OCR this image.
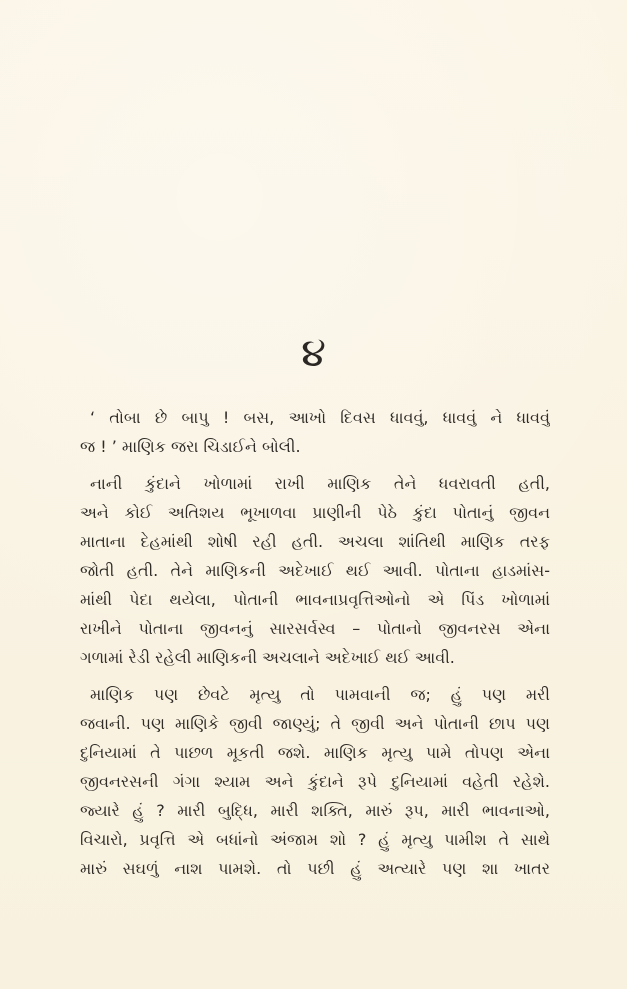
૪
‘ તોબા છે બાપુ ! બસ, આખો દિવસ ધાવવું, ધાવવું ને ધાવવું
જ ! ’ માણિક જરા ચિડાઈને બોલી.
નાની કુંદાને ખોળામાં રાખી માણિક તેને ધવરાવતી હતી,
અને કોઈ અતિશય ભૂખાળવા પ્રાણીની પેઠે કુંદા પોતાનું જીવન
માતાના દેહમાંથી શોષી રહી હતી. અચલા શાંતિથી માણિક તરફ
જોતી હતી. તેને માણિકની અદેખાઈ થઈ આવી. પોતાના હાડમાંસ-
માંથી પેદા થયેલા, પોતાની ભાવનાપ્રવૃત્તિઓનો એ પિંડ ખોળામાં
રાખીને પોતાના જીવનનું સારસર્વસ્વ – પોતાનો જીવનરસ એના
ગળામાં રેડી રહેલી માણિકની અચલાને અદેખાઈ થઈ આવી.
માણિક પણ છેવટે મૃત્યુ તો પામવાની જ; હું પણ મરી
જવાની. પણ માણિકે જીવી જાણ્યું; તે જીવી અને પોતાની છાપ પણ
દુનિયામાં તે પાછળ મૂકતી જશે. માણિક મૃત્યુ પામે તોપણ એના
જીવનરસની ગંગા શ્યામ અને કુંદાને રૂપે દુનિયામાં વહેતી રહેશે.
જ્યારે હું ? મારી બુદ્ધિ, મારી શક્તિ, મારું રૂપ, મારી ભાવનાઓ,
વિચારો, પ્રવૃત્તિ એ બધાંનો અંજામ શો ? હું મૃત્યુ પામીશ તે સાથે
મારું સઘળું નાશ પામશે. તો પછી હું અત્યારે પણ શા ખાતર
